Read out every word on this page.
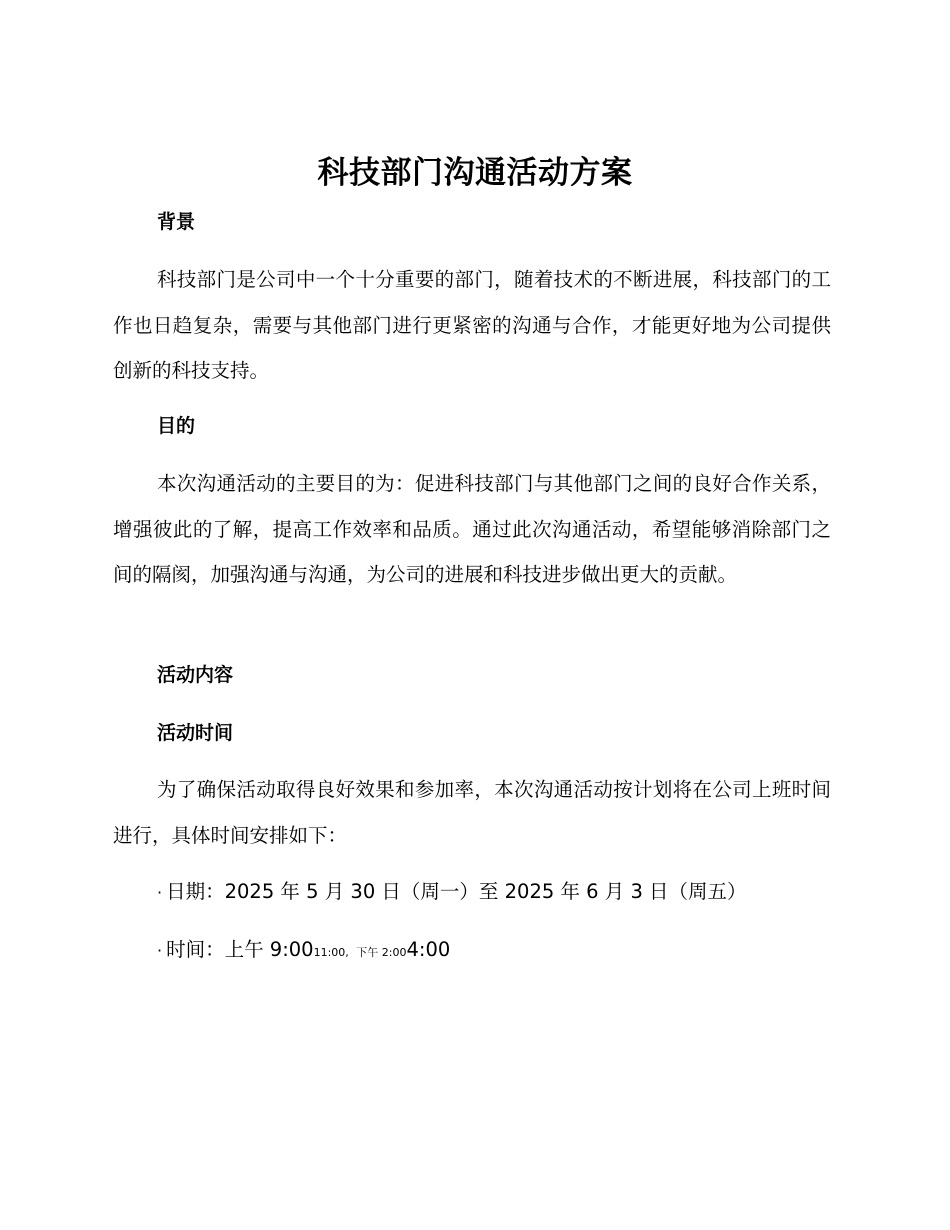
科技部门沟通活动方案
背景

科技部门是公司中一个十分重要的部门，随着技术的不断进展，科技部门的工作也日趋复杂，需要与其他部门进行更紧密的沟通与合作，才能更好地为公司提供创新的科技支持。

目的

本次沟通活动的主要目的为：促进科技部门与其他部门之间的良好合作关系，增强彼此的了解，提高工作效率和品质。通过此次沟通活动，希望能够消除部门之间的隔阂，加强沟通与沟通，为公司的进展和科技进步做出更大的贡献。

活动内容
活动时间

为了确保活动取得良好效果和参加率，本次沟通活动按计划将在公司上班时间进行，具体时间安排如下：

· 日期：2025 年 5 月 30 日（周一）至 2025 年 6 月 3 日（周五）

· 时间：上午 9:0011:00, 下午 2:004:00
